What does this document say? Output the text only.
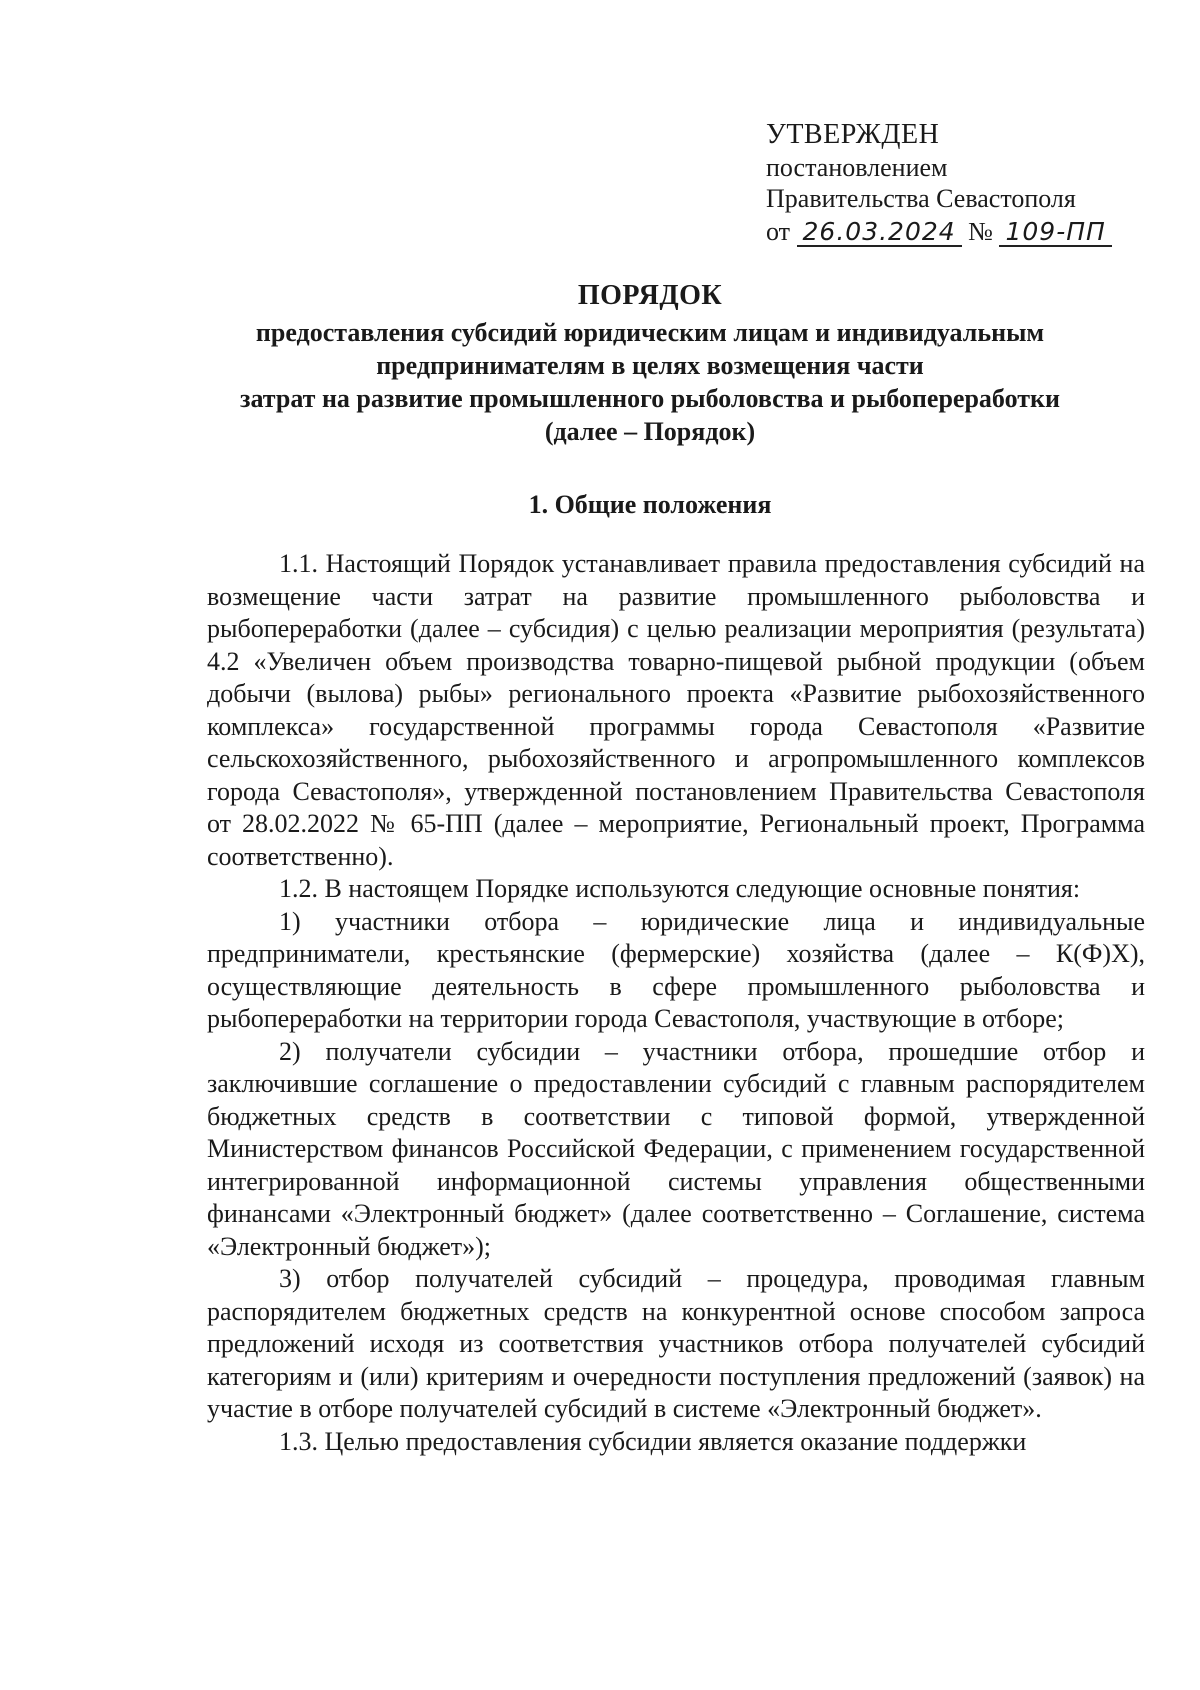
УТВЕРЖДЕН
постановлением
Правительства Севастополя
от 26.03.2024 № 109-ПП
ПОРЯДОК
предоставления субсидий юридическим лицам и индивидуальным
предпринимателям в целях возмещения части
затрат на развитие промышленного рыболовства и рыбопереработки
(далее – Порядок)
1. Общие положения

1.1. Настоящий Порядок устанавливает правила предоставления субсидий на возмещение части затрат на развитие промышленного рыболовства и рыбопереработки (далее – субсидия) с целью реализации мероприятия (результата) 4.2 «Увеличен объем производства товарно-пищевой рыбной продукции (объем добычи (вылова) рыбы» регионального проекта «Развитие рыбохозяйственного комплекса» государственной программы города Севастополя «Развитие сельскохозяйственного, рыбохозяйственного и агропромышленного комплексов города Севастополя», утвержденной постановлением Правительства Севастополя от 28.02.2022 № 65-ПП (далее – мероприятие, Региональный проект, Программа соответственно).

1.2. В настоящем Порядке используются следующие основные понятия:

1) участники отбора – юридические лица и индивидуальные предприниматели, крестьянские (фермерские) хозяйства (далее – К(Ф)Х), осуществляющие деятельность в сфере промышленного рыболовства и рыбопереработки на территории города Севастополя, участвующие в отборе;

2) получатели субсидии – участники отбора, прошедшие отбор и заключившие соглашение о предоставлении субсидий с главным распорядителем бюджетных средств в соответствии с типовой формой, утвержденной Министерством финансов Российской Федерации, с применением государственной интегрированной информационной системы управления общественными финансами «Электронный бюджет» (далее соответственно – Соглашение, система «Электронный бюджет»);

3) отбор получателей субсидий – процедура, проводимая главным распорядителем бюджетных средств на конкурентной основе способом запроса предложений исходя из соответствия участников отбора получателей субсидий категориям и (или) критериям и очередности поступления предложений (заявок) на участие в отборе получателей субсидий в системе «Электронный бюджет».

1.3. Целью предоставления субсидии является оказание поддержки
